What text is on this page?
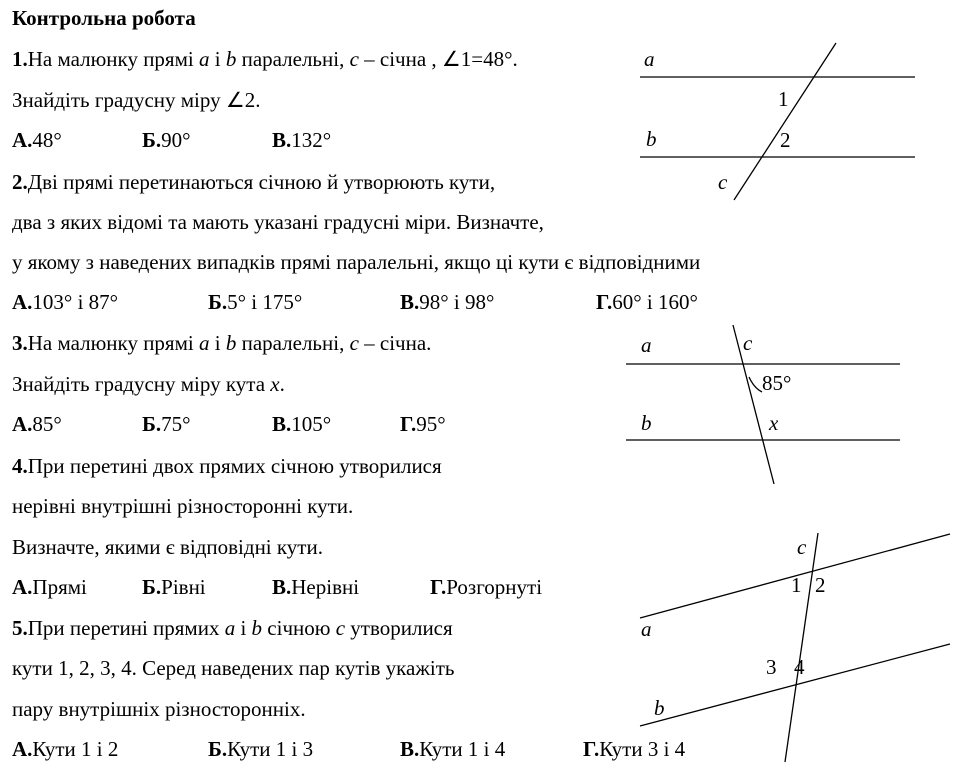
Контрольна робота
1.На малюнку прямі a і b паралельні, c – січна , ∠1=48°.
Знайдіть градусну міру ∠2.
А.48°	Б.90°	В.132°
2.Дві прямі перетинаються січною й утворюють кути,
два з яких відомі та мають указані градусні міри. Визначте,
у якому з наведених випадків прямі паралельні, якщо ці кути є відповідними
А.103° і 87°	Б.5° і 175°	В.98° і 98°	Г.60° і 160°
3.На малюнку прямі a і b паралельні, c – січна.
Знайдіть градусну міру кута x.
А.85°	Б.75°	В.105°	Г.95°
4.При перетині двох прямих січною утворилися
нерівні внутрішні різносторонні кути.
Визначте, якими є відповідні кути.
А.Прямі	Б.Рівні	В.Нерівні	Г.Розгорнуті
5.При перетині прямих a і b січною c утворилися
кути 1, 2, 3, 4. Серед наведених пар кутів укажіть
пару внутрішніх різносторонніх.
А.Кути 1 і 2	Б.Кути 1 і 3	В.Кути 1 і 4	Г.Кути 3 і 4
a
b
c
1
2
a
b
c
85°
x
c
a
b
1 2
3 4
